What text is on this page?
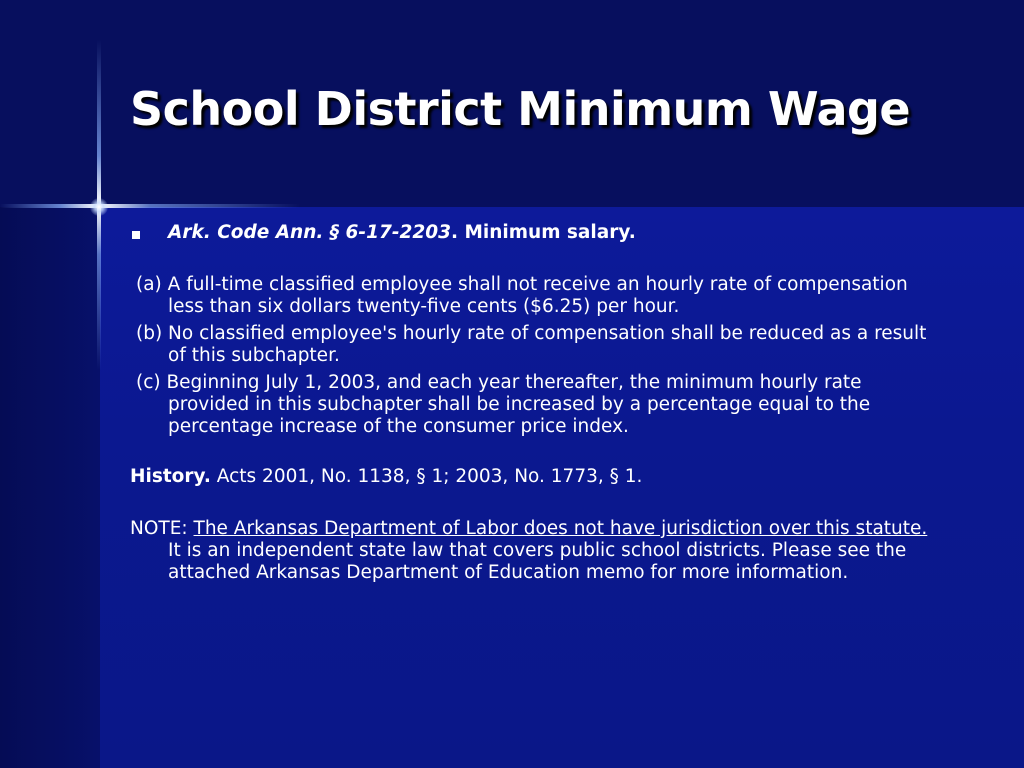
School District Minimum Wage

Ark. Code Ann. § 6-17-2203. Minimum salary.

(a) A full-time classified employee shall not receive an hourly rate of compensation less than six dollars twenty-five cents ($6.25) per hour.

(b) No classified employee's hourly rate of compensation shall be reduced as a result of this subchapter.

(c) Beginning July 1, 2003, and each year thereafter, the minimum hourly rate provided in this subchapter shall be increased by a percentage equal to the percentage increase of the consumer price index.

History. Acts 2001, No. 1138, § 1; 2003, No. 1773, § 1.

NOTE: The Arkansas Department of Labor does not have jurisdiction over this statute. It is an independent state law that covers public school districts. Please see the attached Arkansas Department of Education memo for more information.
